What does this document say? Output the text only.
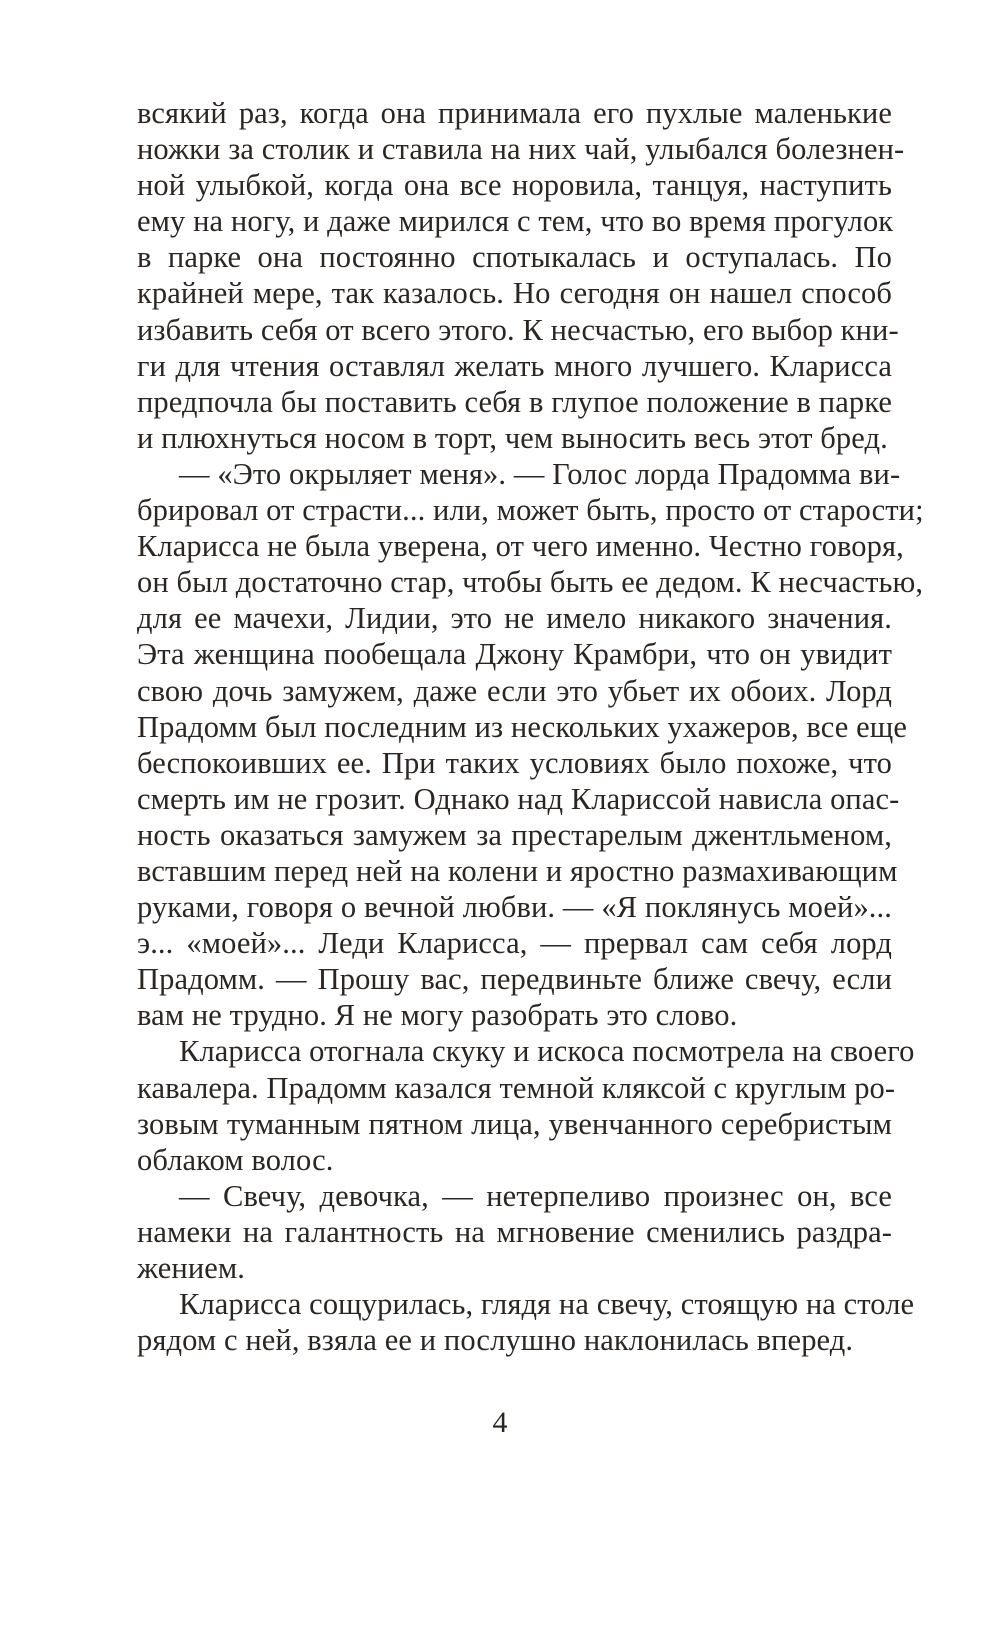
всякий раз, когда она принимала его пухлые маленькие
ножки за столик и ставила на них чай, улыбался болезнен-
ной улыбкой, когда она все норовила, танцуя, наступить
ему на ногу, и даже мирился с тем, что во время прогулок
в парке она постоянно спотыкалась и оступалась. По
крайней мере, так казалось. Но сегодня он нашел способ
избавить себя от всего этого. К несчастью, его выбор кни-
ги для чтения оставлял желать много лучшего. Кларисса
предпочла бы поставить себя в глупое положение в парке
и плюхнуться носом в торт, чем выносить весь этот бред.
— «Это окрыляет меня». — Голос лорда Прадомма ви-
брировал от страсти... или, может быть, просто от старости;
Кларисса не была уверена, от чего именно. Честно говоря,
он был достаточно стар, чтобы быть ее дедом. К несчастью,
для ее мачехи, Лидии, это не имело никакого значения.
Эта женщина пообещала Джону Крамбри, что он увидит
свою дочь замужем, даже если это убьет их обоих. Лорд
Прадомм был последним из нескольких ухажеров, все еще
беспокоивших ее. При таких условиях было похоже, что
смерть им не грозит. Однако над Клариссой нависла опас-
ность оказаться замужем за престарелым джентльменом,
вставшим перед ней на колени и яростно размахивающим
руками, говоря о вечной любви. — «Я поклянусь моей»...
э... «моей»... Леди Кларисса, — прервал сам себя лорд
Прадомм. — Прошу вас, передвиньте ближе свечу, если
вам не трудно. Я не могу разобрать это слово.
Кларисса отогнала скуку и искоса посмотрела на своего
кавалера. Прадомм казался темной кляксой с круглым ро-
зовым туманным пятном лица, увенчанного серебристым
облаком волос.
— Свечу, девочка, — нетерпеливо произнес он, все
намеки на галантность на мгновение сменились раздра-
жением.
Кларисса сощурилась, глядя на свечу, стоящую на столе
рядом с ней, взяла ее и послушно наклонилась вперед.
4
